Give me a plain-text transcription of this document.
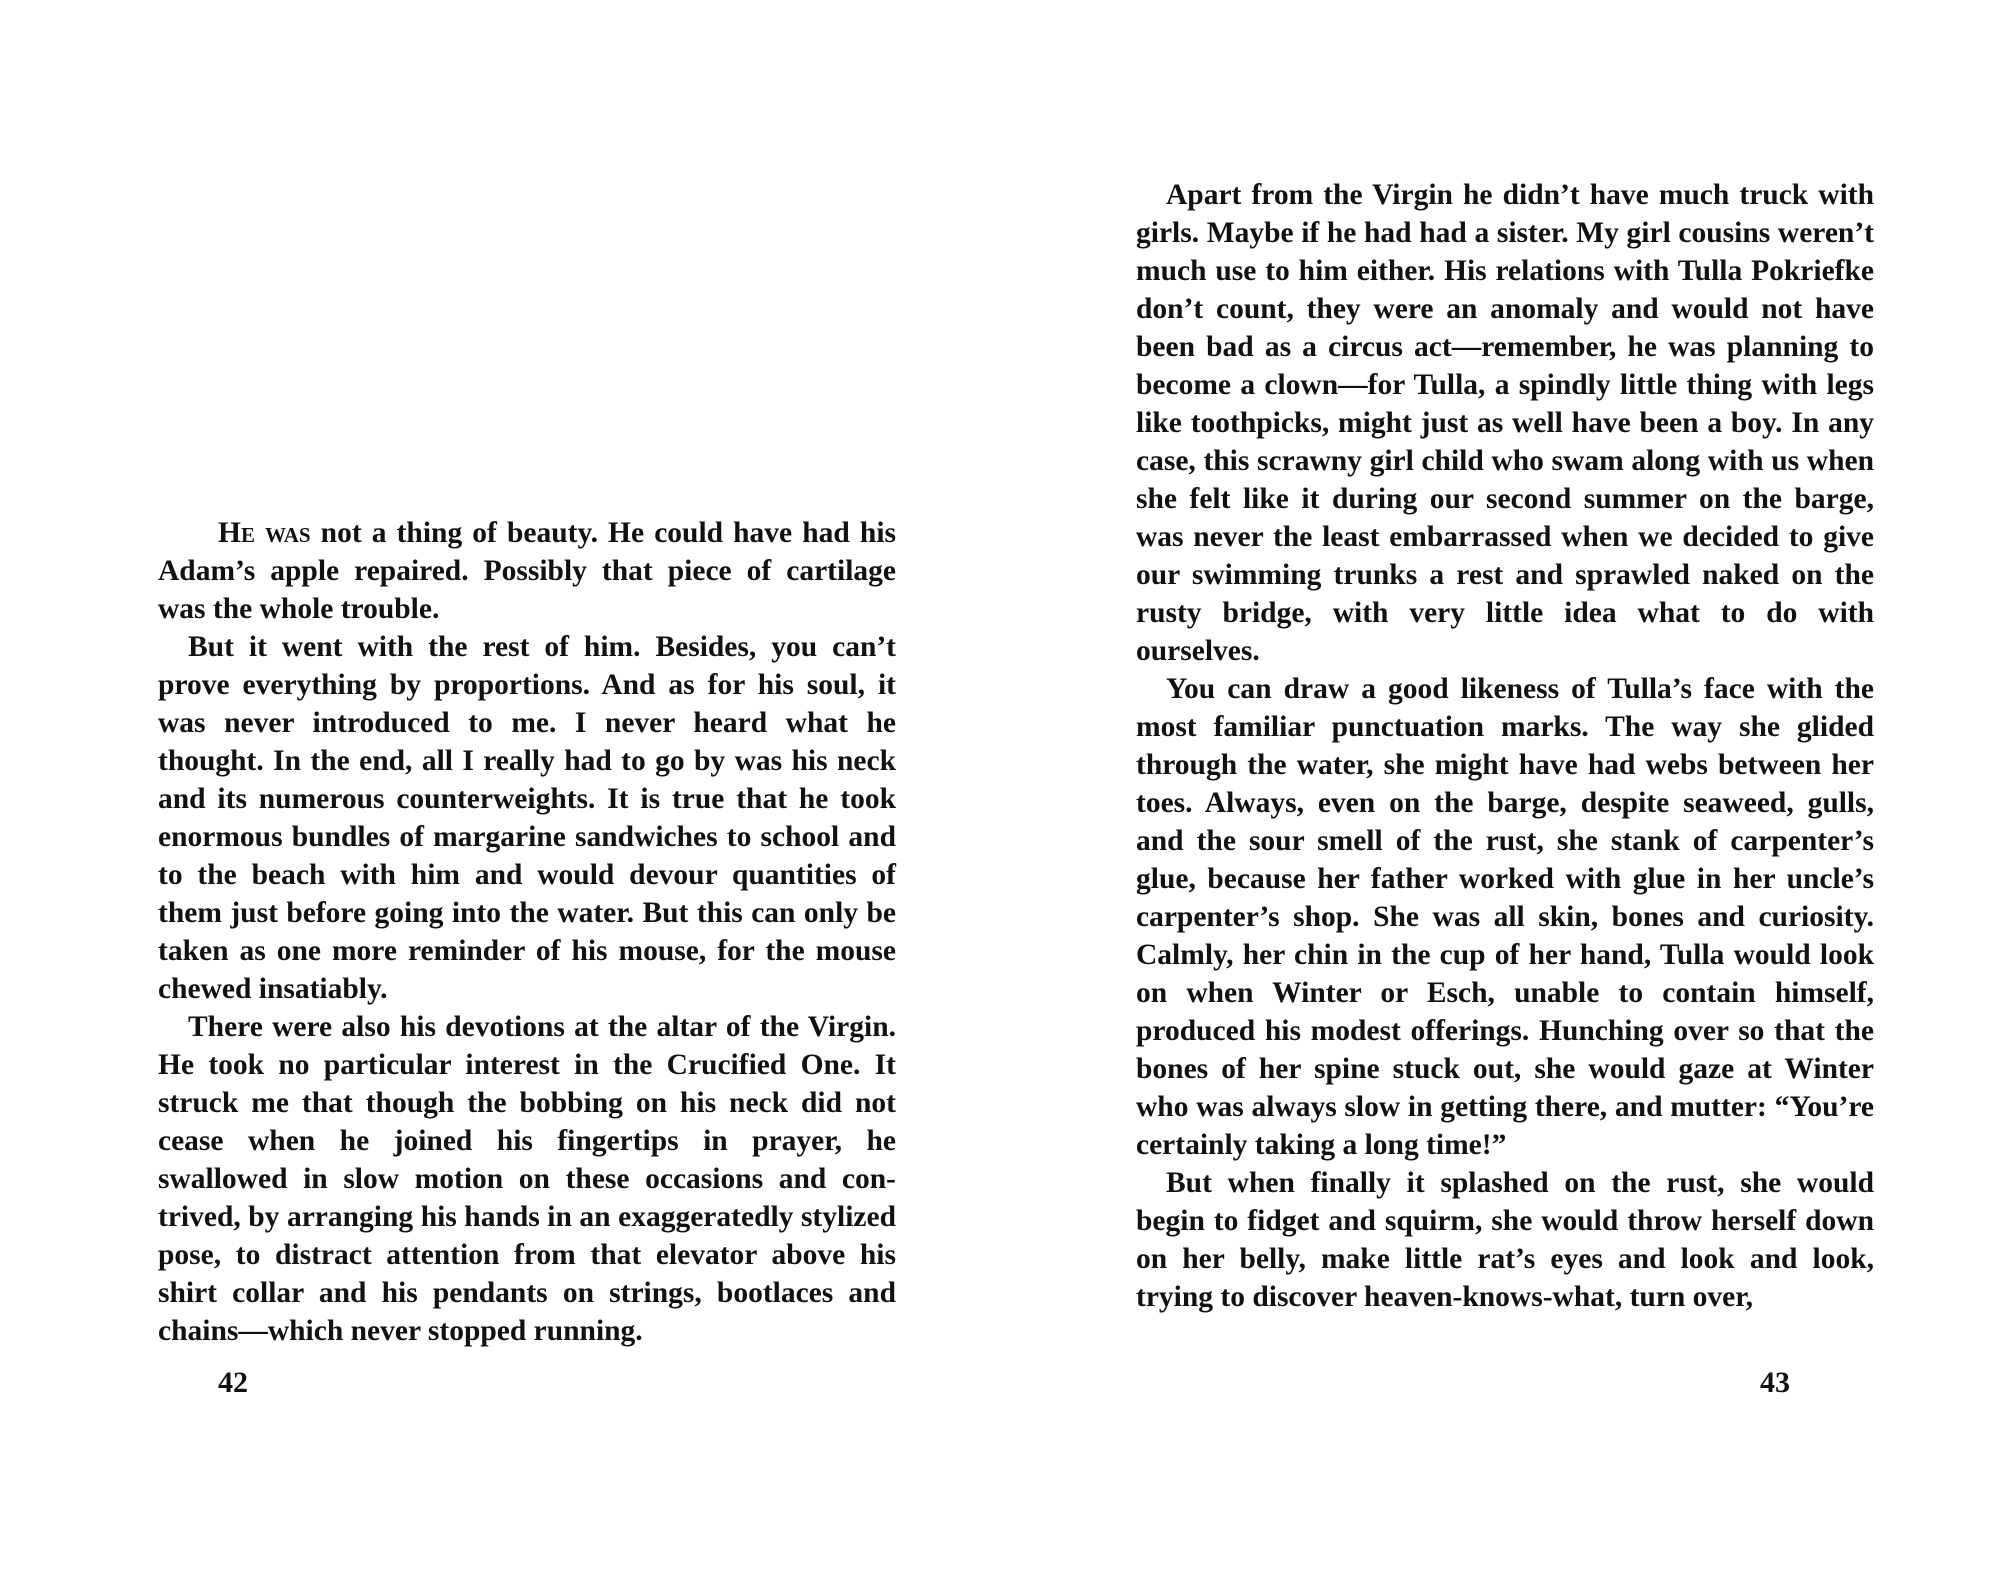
He was not a thing of beauty. He could have had his Adam’s apple repaired. Possibly that piece of cartilage was the whole trouble.

But it went with the rest of him. Besides, you can’t prove everything by proportions. And as for his soul, it was never introduced to me. I never heard what he thought. In the end, all I really had to go by was his neck and its numerous counterweights. It is true that he took enormous bundles of margarine sandwiches to school and to the beach with him and would devour quantities of them just before going into the water. But this can only be taken as one more reminder of his mouse, for the mouse chewed insatiably.

There were also his devotions at the altar of the Virgin. He took no particular interest in the Crucified One. It struck me that though the bobbing on his neck did not cease when he joined his fingertips in prayer, he swallowed in slow motion on these occasions and contrived, by arranging his hands in an exaggeratedly stylized pose, to distract attention from that elevator above his shirt collar and his pendants on strings, bootlaces and chains—which never stopped running.

42

Apart from the Virgin he didn’t have much truck with girls. Maybe if he had had a sister. My girl cousins weren’t much use to him either. His relations with Tulla Pokriefke don’t count, they were an anomaly and would not have been bad as a circus act—remember, he was planning to become a clown—for Tulla, a spindly little thing with legs like toothpicks, might just as well have been a boy. In any case, this scrawny girl child who swam along with us when she felt like it during our second summer on the barge, was never the least embarrassed when we decided to give our swimming trunks a rest and sprawled naked on the rusty bridge, with very little idea what to do with ourselves.

You can draw a good likeness of Tulla’s face with the most familiar punctuation marks. The way she glided through the water, she might have had webs between her toes. Always, even on the barge, despite seaweed, gulls, and the sour smell of the rust, she stank of carpenter’s glue, because her father worked with glue in her uncle’s carpenter’s shop. She was all skin, bones and curiosity. Calmly, her chin in the cup of her hand, Tulla would look on when Winter or Esch, unable to contain himself, produced his modest offerings. Hunching over so that the bones of her spine stuck out, she would gaze at Winter who was always slow in getting there, and mutter: “You’re certainly taking a long time!”

But when finally it splashed on the rust, she would begin to fidget and squirm, she would throw herself down on her belly, make little rat’s eyes and look and look, trying to discover heaven-knows-what, turn over,

43
